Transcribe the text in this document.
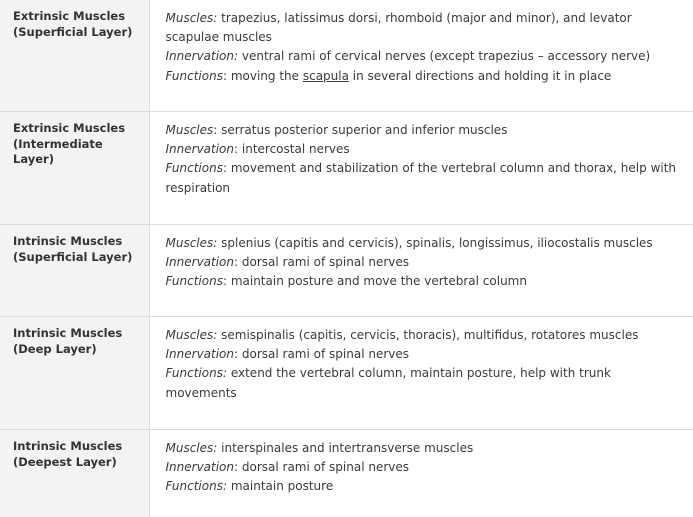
Extrinsic Muscles (Superficial Layer)	Muscles: trapezius, latissimus dorsi, rhomboid (major and minor), and levator scapulae muscles
Innervation: ventral rami of cervical nerves (except trapezius – accessory nerve)
Functions: moving the scapula in several directions and holding it in place

Extrinsic Muscles (Intermediate Layer)	Muscles: serratus posterior superior and inferior muscles
Innervation: intercostal nerves
Functions: movement and stabilization of the vertebral column and thorax, help with respiration

Intrinsic Muscles (Superficial Layer)	Muscles: splenius (capitis and cervicis), spinalis, longissimus, iliocostalis muscles
Innervation: dorsal rami of spinal nerves
Functions: maintain posture and move the vertebral column

Intrinsic Muscles (Deep Layer)	Muscles: semispinalis (capitis, cervicis, thoracis), multifidus, rotatores muscles
Innervation: dorsal rami of spinal nerves
Functions: extend the vertebral column, maintain posture, help with trunk movements

Intrinsic Muscles (Deepest Layer)	Muscles: interspinales and intertransverse muscles
Innervation: dorsal rami of spinal nerves
Functions: maintain posture
